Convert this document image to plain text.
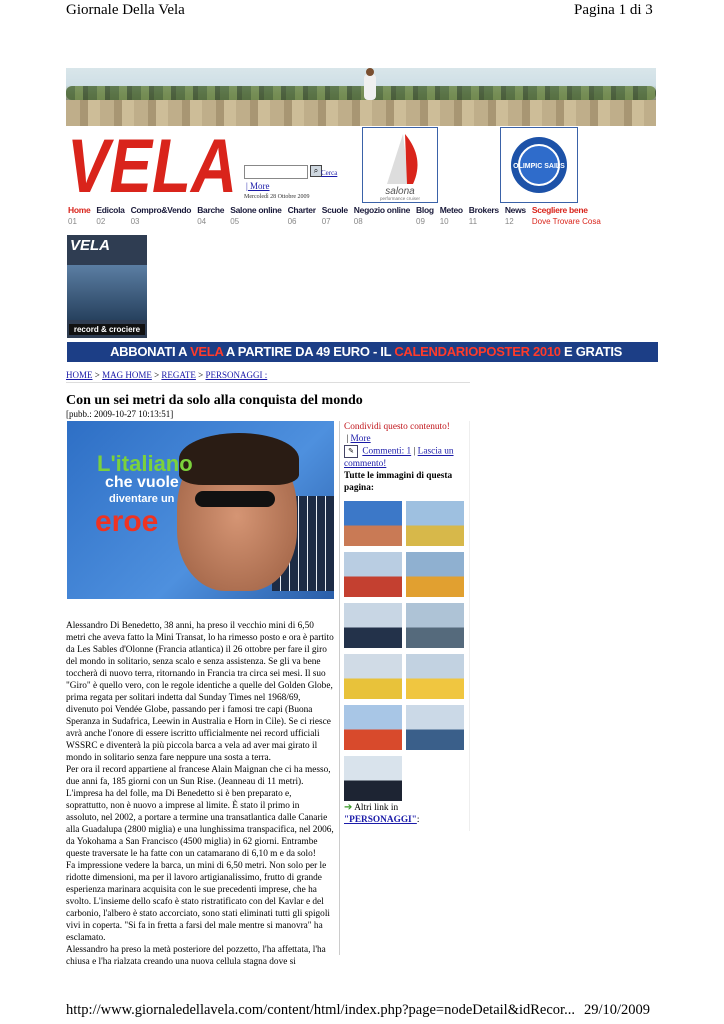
Giornale Della Vela	Pagina 1 di 3
VELA	⌕ Cerca
| More
Mercoledì 28 Ottobre 2009	salona
performance cruiser
OLIMPIC SAILS
Home
01
Edicola
02
Compro&Vendo
03
Barche
04
Salone online
05
Charter
06
Scuole
07
Negozio online
08
Blog
09
Meteo
10
Brokers
11
News
12
Scegliere bene
Dove Trovare Cosa
VELA
record & crociere
ABBONATI A VELA A PARTIRE DA 49 EURO - IL CALENDARIOPOSTER 2010 E GRATIS
HOME > MAG HOME > REGATE > PERSONAGGI :
Con un sei metri da solo alla conquista del mondo
[pubb.: 2009-10-27 10:13:51]
L'italiano
che vuole
diventare un
eroe

Alessandro Di Benedetto, 38 anni, ha preso il vecchio mini di 6,50 metri che aveva fatto la Mini Transat, lo ha rimesso posto e ora è partito da Les Sables d'Olonne (Francia atlantica) il 26 ottobre per fare il giro del mondo in solitario, senza scalo e senza assistenza. Se gli va bene toccherà di nuovo terra, ritornando in Francia tra circa sei mesi. Il suo "Giro" è quello vero, con le regole identiche a quelle del Golden Globe, prima regata per solitari indetta dal Sunday Times nel 1968/69, divenuto poi Vendée Globe, passando per i famosi tre capi (Buona Speranza in Sudafrica, Leewin in Australia e Horn in Cile). Se ci riesce avrà anche l'onore di essere iscritto ufficialmente nei record ufficiali WSSRC e diventerà la più piccola barca a vela ad aver mai girato il mondo in solitario senza fare neppure una sosta a terra.

Per ora il record appartiene al francese Alain Maignan che ci ha messo, due anni fa, 185 giorni con un Sun Rise. (Jeanneau di 11 metri). L'impresa ha del folle, ma Di Benedetto si è ben preparato e, soprattutto, non è nuovo a imprese al limite. È stato il primo in assoluto, nel 2002, a portare a termine una transatlantica dalle Canarie alla Guadalupa (2800 miglia) e una lunghissima transpacifica, nel 2006, da Yokohama a San Francisco (4500 miglia) in 62 giorni. Entrambe queste traversate le ha fatte con un catamarano di 6,10 m e da solo!

Fa impressione vedere la barca, un mini di 6,50 metri. Non solo per le ridotte dimensioni, ma per il lavoro artigianalissimo, frutto di grande esperienza marinara acquisita con le sue precedenti imprese, che ha svolto. L'insieme dello scafo è stato ristratificato con del Kavlar e del carbonio, l'albero è stato accorciato, sono stati eliminati tutti gli spigoli vivi in coperta. "Si fa in fretta a farsi del male mentre si manovra" ha esclamato.

Alessandro ha preso la metà posteriore del pozzetto, l'ha affettata, l'ha chiusa e l'ha rialzata creando una nuova cellula stagna dove si

Condividi questo contenuto!
| More
✎ Commenti: 1 | Lascia un commento!
Tutte le immagini di questa pagina:
➔ Altri link in
"PERSONAGGI":
http://www.giornaledellavela.com/content/html/index.php?page=nodeDetail&idRecor... 29/10/2009
